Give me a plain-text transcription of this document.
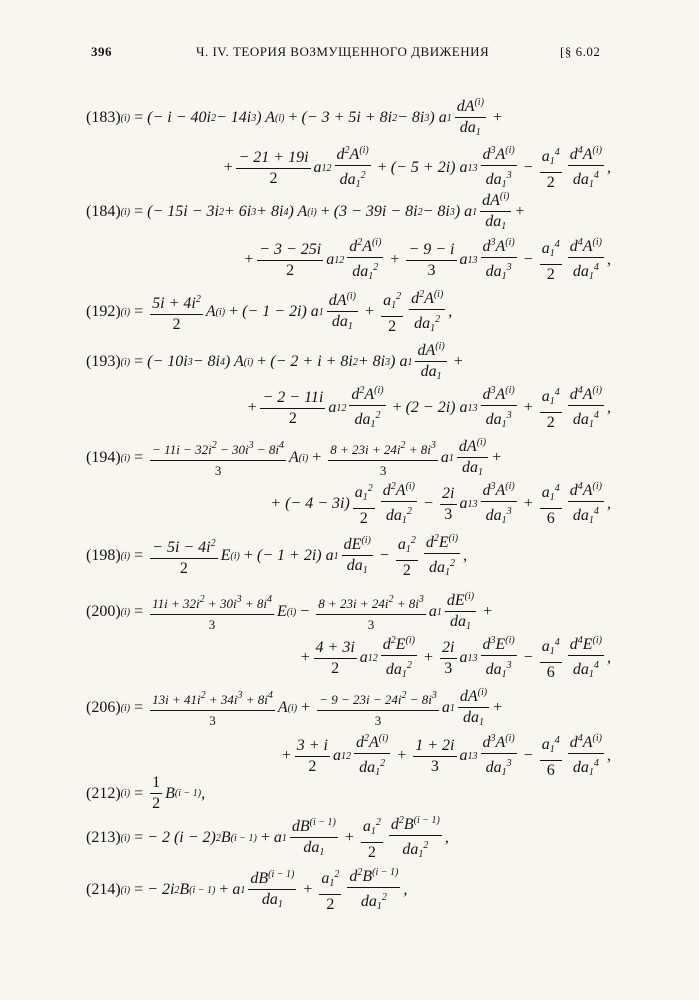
396	Ч. IV. ТЕОРИЯ ВОЗМУЩЕННОГО ДВИЖЕНИЯ	[§ 6.02
(183) (i) = (− i − 40i 2 − 14i 3 ) A (i) + (− 3 + 5i + 8i 2 − 8i 3 ) a 1
$dA^{(i)}$
$da_1$
+
+
− 21 + 19i
2
a 1 2
$d^2A^{(i)}$
$da_1^2$ + (− 5 + 2i) a 1 3
$d^3A^{(i)}$
$da_1^3 - \frac{a_1^4}{2} d^4A^{(i)}$
$da_1^4$ ,
(184) (i) = (− 15i − 3i 2 + 6i 3 + 8i 4 ) A (i) + (3 − 39i − 8i 2 − 8i 3 ) a 1
$dA^{(i)}$
$da_1$
+
+
− 3 − 25i
2
a 1 2
$d^2A^{(i)}$
$da_1^2 + \frac{- 9 - i}{3}$ a 1 3
$d^3A^{(i)}$
$da_1^3 - \frac{a_1^4}{2} d^4A^{(i)}$
$da_1^4$ ,
(192) $(i) = \frac{5i + 4i^2}{2}$ A (i) + (− 1 − 2i) a 1
$dA^{(i)}$
$da_1$
+ $\frac{a_1^2}{2} d^2A^{(i)}$
$da_1^2$ ,
(193) (i) = (− 10i 3 − 8i 4 ) A (i) + (− 2 + i + 8i 2 + 8i 3 ) a 1
$dA^{(i)}$
$da_1$
+
+
− 2 − 11i
2
a 1 2
$d^2A^{(i)}$
$da_1^2 + (2 - 2i)$ a 1 3
$d^3A^{(i)}$
$da_1^3 + \frac{a_1^4}{2} d^4A^{(i)}$
$da_1^4$ ,
(194) $(i) = \frac{- 11i - 32i^2 - 30i^3 - 8i^4}{3}$ A $(i) + \frac{8 + 23i + 24i^2 + 8i^3}{3}$ a 1
$dA^{(i)}$
$da_1$
+
+ (− 4 − 3i)
$a_1^2$
2
$d^2A^{(i)}$
$da_1^2 - \frac{2i}{3}$ a 1 3
$d^3A^{(i)}$
$da_1^3 + \frac{a_1^4}{6} d^4A^{(i)}$
$da_1^4$ ,
(198) $(i) = \frac{- 5i - 4i^2}{2}$ E (i) + (− 1 + 2i) a 1
$dE^{(i)}$
$da_1$
− $\frac{a_1^2}{2} d^2E^{(i)}$
$da_1^2$ ,
(200) $(i) = \frac{11i + 32i^2 + 30i^3 + 8i^4}{3}$ E $(i) - \frac{8 + 23i + 24i^2 + 8i^3}{3}$ a 1
$dE^{(i)}$
$da_1$
+
+
4 + 3i
2
a 1 2
$d^2E^{(i)}$
$da_1^2 + \frac{2i}{3}$ a 1 3
$d^3E^{(i)}$
$da_1^3 - \frac{a_1^4}{6} d^4E^{(i)}$
$da_1^4$ ,
(206) $(i) = \frac{13i + 41i^2 + 34i^3 + 8i^4}{3}$ A $(i) + \frac{- 9 - 23i - 24i^2 - 8i^3}{3}$ a 1
$dA^{(i)}$
$da_1$
+
+
3 + i
2
a 1 2
$d^2A^{(i)}$
$da_1^2 + \frac{1 + 2i}{3}$ a 1 3
$d^3A^{(i)}$
$da_1^3 - \frac{a_1^4}{6} d^4A^{(i)}$
$da_1^4$ ,
(212) $(i) = \frac{1}{2}$ B (i − 1) ,
(213) (i) = − 2 (i − 2) 2 B (i − 1) + a 1
$dB^{(i - 1)}$
$da_1$
+ $\frac{a_1^2}{2} d^2B^{(i - 1)}$
$da_1^2$ ,
(214) (i) = − 2i 2 B (i − 1) + a 1
$dB^{(i - 1)}$
$da_1$
+ $\frac{a_1^2}{2} d^2B^{(i - 1)}$
$da_1^2$ ,
